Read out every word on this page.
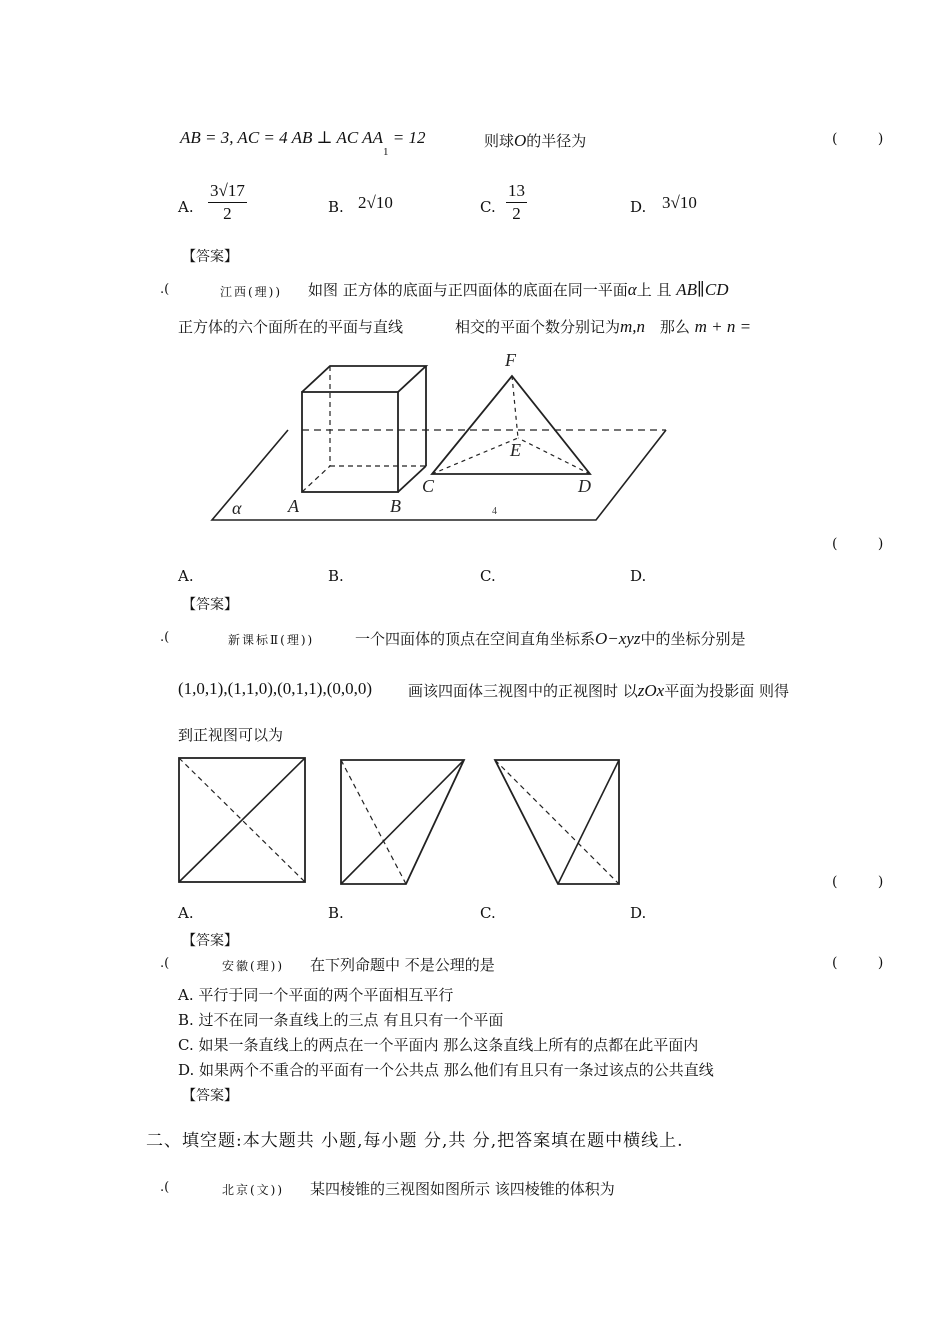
AB = 3, AC = 4 AB ⊥ AC $AA_1 = 12$	则球O的半径为	( )
A. $\frac{3√17}{2}$	B. 2√10	C. $\frac{13}{2}$	D. 3√10
【答案】
.(	江西(理)) 如图 正方体的底面与正四面体的底面在同一平面α上 且 AB∥CD
正方体的六个面所在的平面与直线	相交的平面个数分别记为m,n 那么 m + n =
F
E
C	D
A	B
α	4
( )
A.	B.	C.	D.
【答案】
.(	新课标Ⅱ(理))	一个四面体的顶点在空间直角坐标系O−xyz中的坐标分别是
(1,0,1),(1,1,0),(0,1,1),(0,0,0) 画该四面体三视图中的正视图时 以zOx平面为投影面 则得
到正视图可以为
( )
A.	B.	C.	D.
【答案】
.(	安徽(理)) 在下列命题中 不是公理的是	( )
A. 平行于同一个平面的两个平面相互平行
B. 过不在同一条直线上的三点 有且只有一个平面
C. 如果一条直线上的两点在一个平面内 那么这条直线上所有的点都在此平面内
D. 如果两个不重合的平面有一个公共点 那么他们有且只有一条过该点的公共直线
【答案】
二、填空题:本大题共 小题,每小题 分,共 分,把答案填在题中横线上.
.(	北京(文)) 某四棱锥的三视图如图所示 该四棱锥的体积为
